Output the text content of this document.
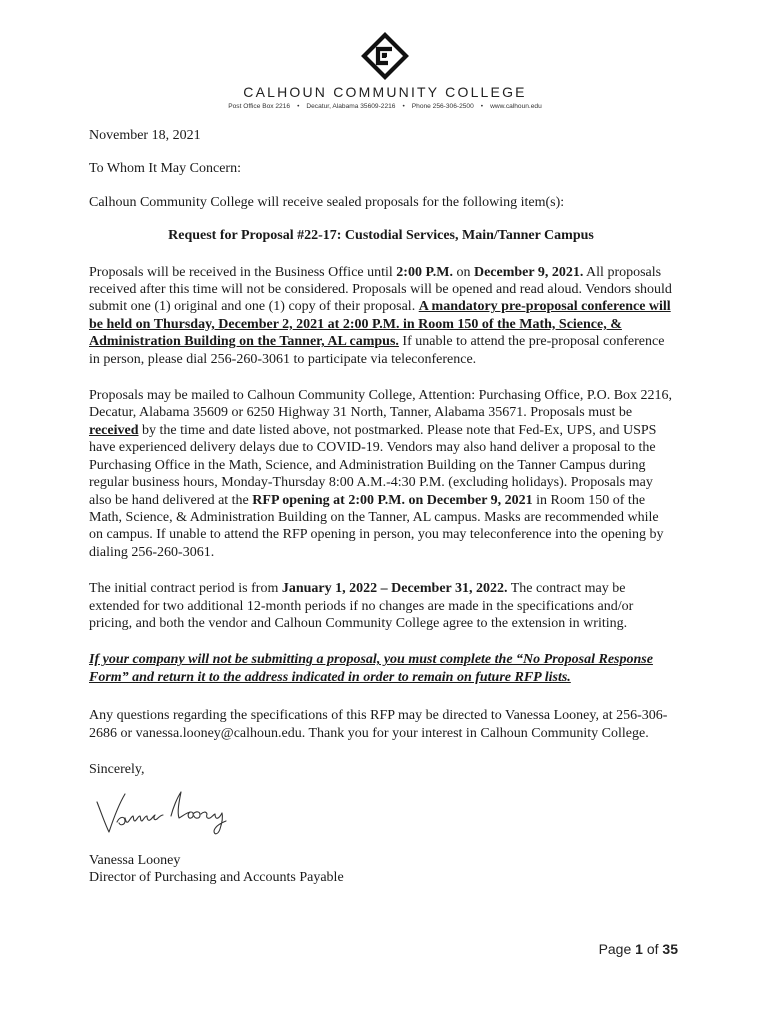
CALHOUN COMMUNITY COLLEGE
Post Office Box 2216 • Decatur, Alabama 35609-2216 • Phone 256-306-2500 • www.calhoun.edu

November 18, 2021

To Whom It May Concern:

Calhoun Community College will receive sealed proposals for the following item(s):

Request for Proposal #22-17: Custodial Services, Main/Tanner Campus

Proposals will be received in the Business Office until 2:00 P.M. on December 9, 2021. All proposals received after this time will not be considered. Proposals will be opened and read aloud. Vendors should submit one (1) original and one (1) copy of their proposal. A mandatory pre-proposal conference will be held on Thursday, December 2, 2021 at 2:00 P.M. in Room 150 of the Math, Science, & Administration Building on the Tanner, AL campus. If unable to attend the pre-proposal conference in person, please dial 256-260-3061 to participate via teleconference.

Proposals may be mailed to Calhoun Community College, Attention: Purchasing Office, P.O. Box 2216, Decatur, Alabama 35609 or 6250 Highway 31 North, Tanner, Alabama 35671. Proposals must be received by the time and date listed above, not postmarked. Please note that Fed-Ex, UPS, and USPS have experienced delivery delays due to COVID-19. Vendors may also hand deliver a proposal to the Purchasing Office in the Math, Science, and Administration Building on the Tanner Campus during regular business hours, Monday-Thursday 8:00 A.M.-4:30 P.M. (excluding holidays). Proposals may also be hand delivered at the RFP opening at 2:00 P.M. on December 9, 2021 in Room 150 of the Math, Science, & Administration Building on the Tanner, AL campus. Masks are recommended while on campus. If unable to attend the RFP opening in person, you may teleconference into the opening by dialing 256-260-3061.

The initial contract period is from January 1, 2022 – December 31, 2022. The contract may be extended for two additional 12-month periods if no changes are made in the specifications and/or pricing, and both the vendor and Calhoun Community College agree to the extension in writing.

If your company will not be submitting a proposal, you must complete the “No Proposal Response Form” and return it to the address indicated in order to remain on future RFP lists.

Any questions regarding the specifications of this RFP may be directed to Vanessa Looney, at 256-306-2686 or vanessa.looney@calhoun.edu. Thank you for your interest in Calhoun Community College.

Sincerely,

Vanessa Looney

Director of Purchasing and Accounts Payable

Page 1 of 35
